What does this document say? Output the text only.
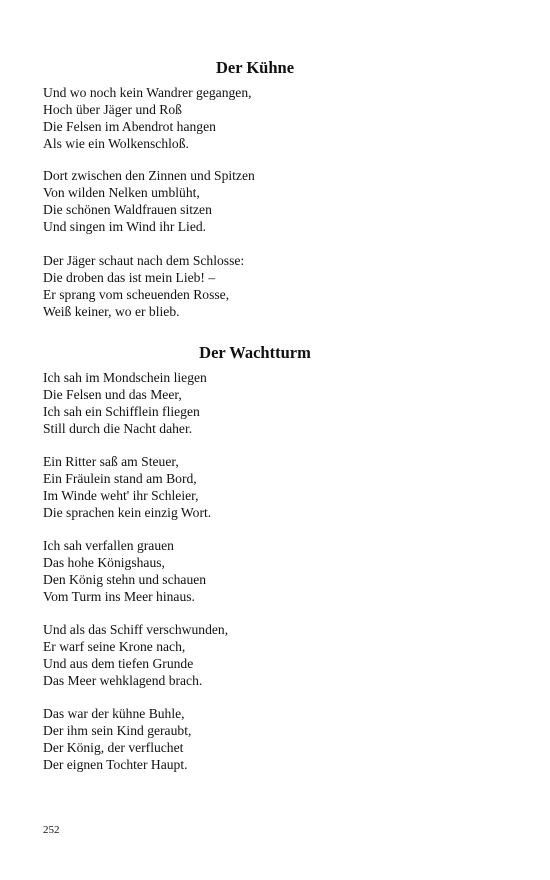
Der Kühne
Und wo noch kein Wandrer gegangen,
Hoch über Jäger und Roß
Die Felsen im Abendrot hangen
Als wie ein Wolkenschloß.
Dort zwischen den Zinnen und Spitzen
Von wilden Nelken umblüht,
Die schönen Waldfrauen sitzen
Und singen im Wind ihr Lied.
Der Jäger schaut nach dem Schlosse:
Die droben das ist mein Lieb! –
Er sprang vom scheuenden Rosse,
Weiß keiner, wo er blieb.
Der Wachtturm
Ich sah im Mondschein liegen
Die Felsen und das Meer,
Ich sah ein Schifflein fliegen
Still durch die Nacht daher.
Ein Ritter saß am Steuer,
Ein Fräulein stand am Bord,
Im Winde weht' ihr Schleier,
Die sprachen kein einzig Wort.
Ich sah verfallen grauen
Das hohe Königshaus,
Den König stehn und schauen
Vom Turm ins Meer hinaus.
Und als das Schiff verschwunden,
Er warf seine Krone nach,
Und aus dem tiefen Grunde
Das Meer wehklagend brach.
Das war der kühne Buhle,
Der ihm sein Kind geraubt,
Der König, der verfluchet
Der eignen Tochter Haupt.
252
